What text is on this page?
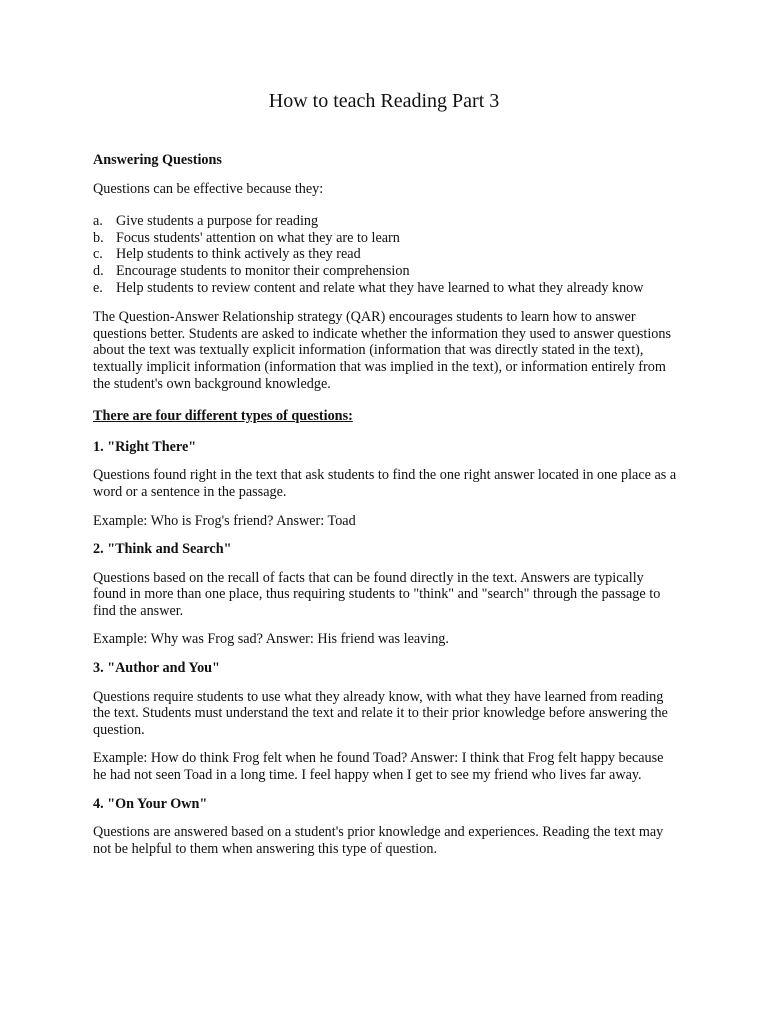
How to teach Reading Part 3
Answering Questions
Questions can be effective because they:
a. Give students a purpose for reading
b. Focus students' attention on what they are to learn
c. Help students to think actively as they read
d. Encourage students to monitor their comprehension
e. Help students to review content and relate what they have learned to what they already know
The Question-Answer Relationship strategy (QAR) encourages students to learn how to answer questions better. Students are asked to indicate whether the information they used to answer questions about the text was textually explicit information (information that was directly stated in the text), textually implicit information (information that was implied in the text), or information entirely from the student's own background knowledge.
There are four different types of questions:
1. "Right There"
Questions found right in the text that ask students to find the one right answer located in one place as a word or a sentence in the passage.
Example: Who is Frog's friend? Answer: Toad
2. "Think and Search"
Questions based on the recall of facts that can be found directly in the text. Answers are typically found in more than one place, thus requiring students to "think" and "search" through the passage to find the answer.
Example: Why was Frog sad? Answer: His friend was leaving.
3. "Author and You"
Questions require students to use what they already know, with what they have learned from reading the text. Students must understand the text and relate it to their prior knowledge before answering the question.
Example: How do think Frog felt when he found Toad? Answer: I think that Frog felt happy because he had not seen Toad in a long time. I feel happy when I get to see my friend who lives far away.
4. "On Your Own"
Questions are answered based on a student's prior knowledge and experiences. Reading the text may not be helpful to them when answering this type of question.
